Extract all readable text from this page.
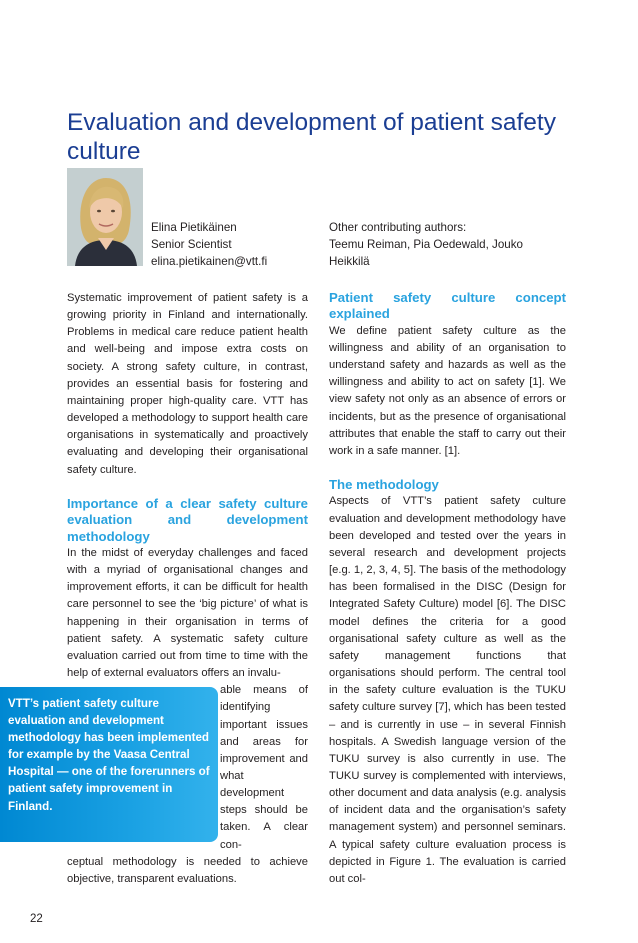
Evaluation and development of patient safety culture
Elina Pietikäinen
Senior Scientist
elina.pietikainen@vtt.fi
Other contributing authors:
Teemu Reiman, Pia Oedewald, Jouko Heikkilä

Systematic improvement of patient safety is a growing priority in Finland and internationally. Problems in medical care reduce patient health and well-being and impose extra costs on society. A strong safety culture, in contrast, provides an essential basis for fostering and maintaining proper high-quality care. VTT has developed a methodology to support health care organisations in systematically and proactively evaluating and developing their organisational safety culture.

Importance of a clear safety culture evaluation and development methodology

In the midst of everyday challenges and faced with a myriad of organisational changes and improvement efforts, it can be difficult for health care personnel to see the ‘big picture’ of what is happening in their organisation in terms of patient safety. A systematic safety culture evaluation carried out from time to time with the help of external evaluators offers an invalu-

able means of identifying important issues and areas for improvement and what development steps should be taken. A clear con-

ceptual methodology is needed to achieve objective, transparent evaluations.

VTT’s patient safety culture evaluation and development methodology has been implemented for example by the Vaasa Central Hospital — one of the forerunners of patient safety improvement in Finland.
Patient safety culture concept explained

We define patient safety culture as the willingness and ability of an organisation to understand safety and hazards as well as the willingness and ability to act on safety [1]. We view safety not only as an absence of errors or incidents, but as the presence of organisational attributes that enable the staff to carry out their work in a safe manner. [1].

The methodology

Aspects of VTT’s patient safety culture evaluation and development methodology have been developed and tested over the years in several research and development projects [e.g. 1, 2, 3, 4, 5]. The basis of the methodology has been formalised in the DISC (Design for Integrated Safety Culture) model [6]. The DISC model defines the criteria for a good organisational safety culture as well as the safety management functions that organisations should perform. The central tool in the safety culture evaluation is the TUKU safety culture survey [7], which has been tested – and is currently in use – in several Finnish hospitals. A Swedish language version of the TUKU survey is also currently in use. The TUKU survey is complemented with interviews, other document and data analysis (e.g. analysis of incident data and the organisation’s safety management system) and personnel seminars. A typical safety culture evaluation process is depicted in Figure 1. The evaluation is carried out col-

22
